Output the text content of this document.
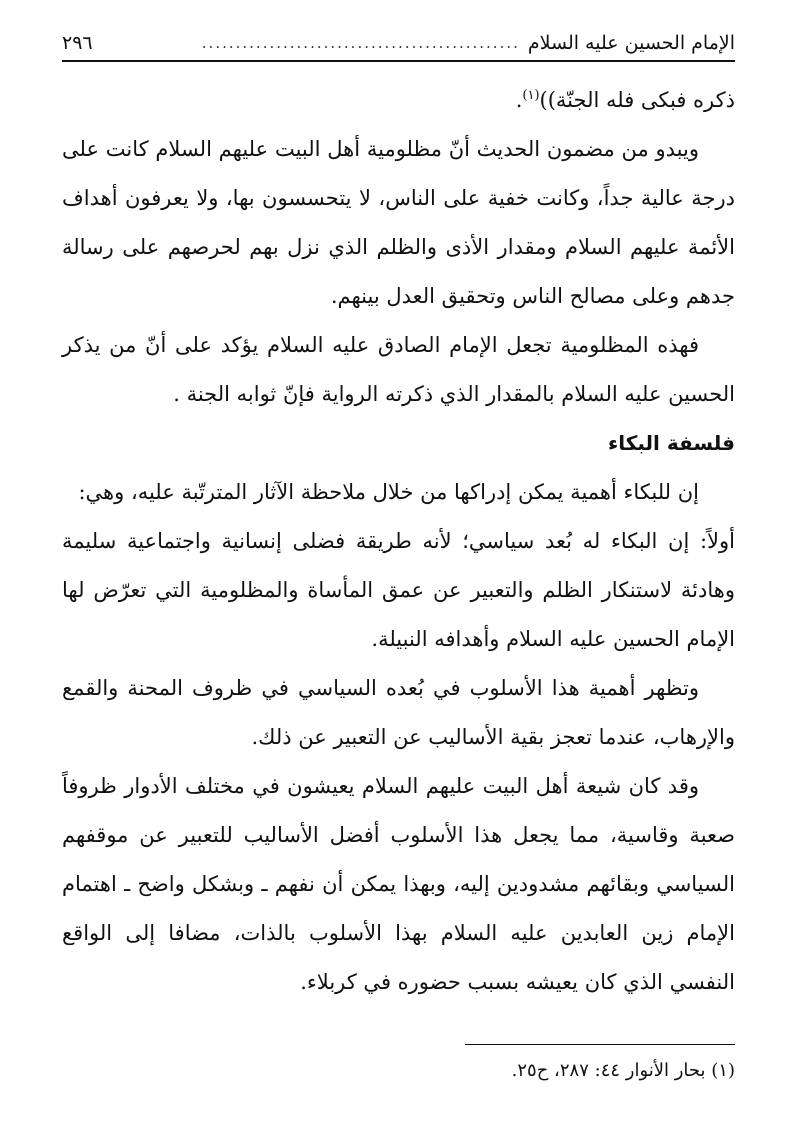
الإمام الحسين عليه السلام
...............................................
٢٩٦

ذكره فبكى فله الجنّة))$^{(١)}$.

ويبدو من مضمون الحديث أنّ مظلومية أهل البيت عليهم السلام كانت على درجة عالية جداً، وكانت خفية على الناس، لا يتحسسون بها، ولا يعرفون أهداف الأئمة عليهم السلام ومقدار الأذى والظلم الذي نزل بهم لحرصهم على رسالة جدهم وعلى مصالح الناس وتحقيق العدل بينهم.

فهذه المظلومية تجعل الإمام الصادق عليه السلام يؤكد على أنّ من يذكر الحسين عليه السلام بالمقدار الذي ذكرته الرواية فإنّ ثوابه الجنة .

فلسفة البكاء

إن للبكاء أهمية يمكن إدراكها من خلال ملاحظة الآثار المترتّبة عليه، وهي:

أولاً: إن البكاء له بُعد سياسي؛ لأنه طريقة فضلى إنسانية واجتماعية سليمة وهادئة لاستنكار الظلم والتعبير عن عمق المأساة والمظلومية التي تعرّض لها الإمام الحسين عليه السلام وأهدافه النبيلة.

وتظهر أهمية هذا الأسلوب في بُعده السياسي في ظروف المحنة والقمع والإرهاب، عندما تعجز بقية الأساليب عن التعبير عن ذلك.

وقد كان شيعة أهل البيت عليهم السلام يعيشون في مختلف الأدوار ظروفاً صعبة وقاسية، مما يجعل هذا الأسلوب أفضل الأساليب للتعبير عن موقفهم السياسي وبقائهم مشدودين إليه، وبهذا يمكن أن نفهم ـ وبشكل واضح ـ اهتمام الإمام زين العابدين عليه السلام بهذا الأسلوب بالذات، مضافا إلى الواقع النفسي الذي كان يعيشه بسبب حضوره في كربلاء.

(١) بحار الأنوار ٤٤: ٢٨٧، ح٢٥.
